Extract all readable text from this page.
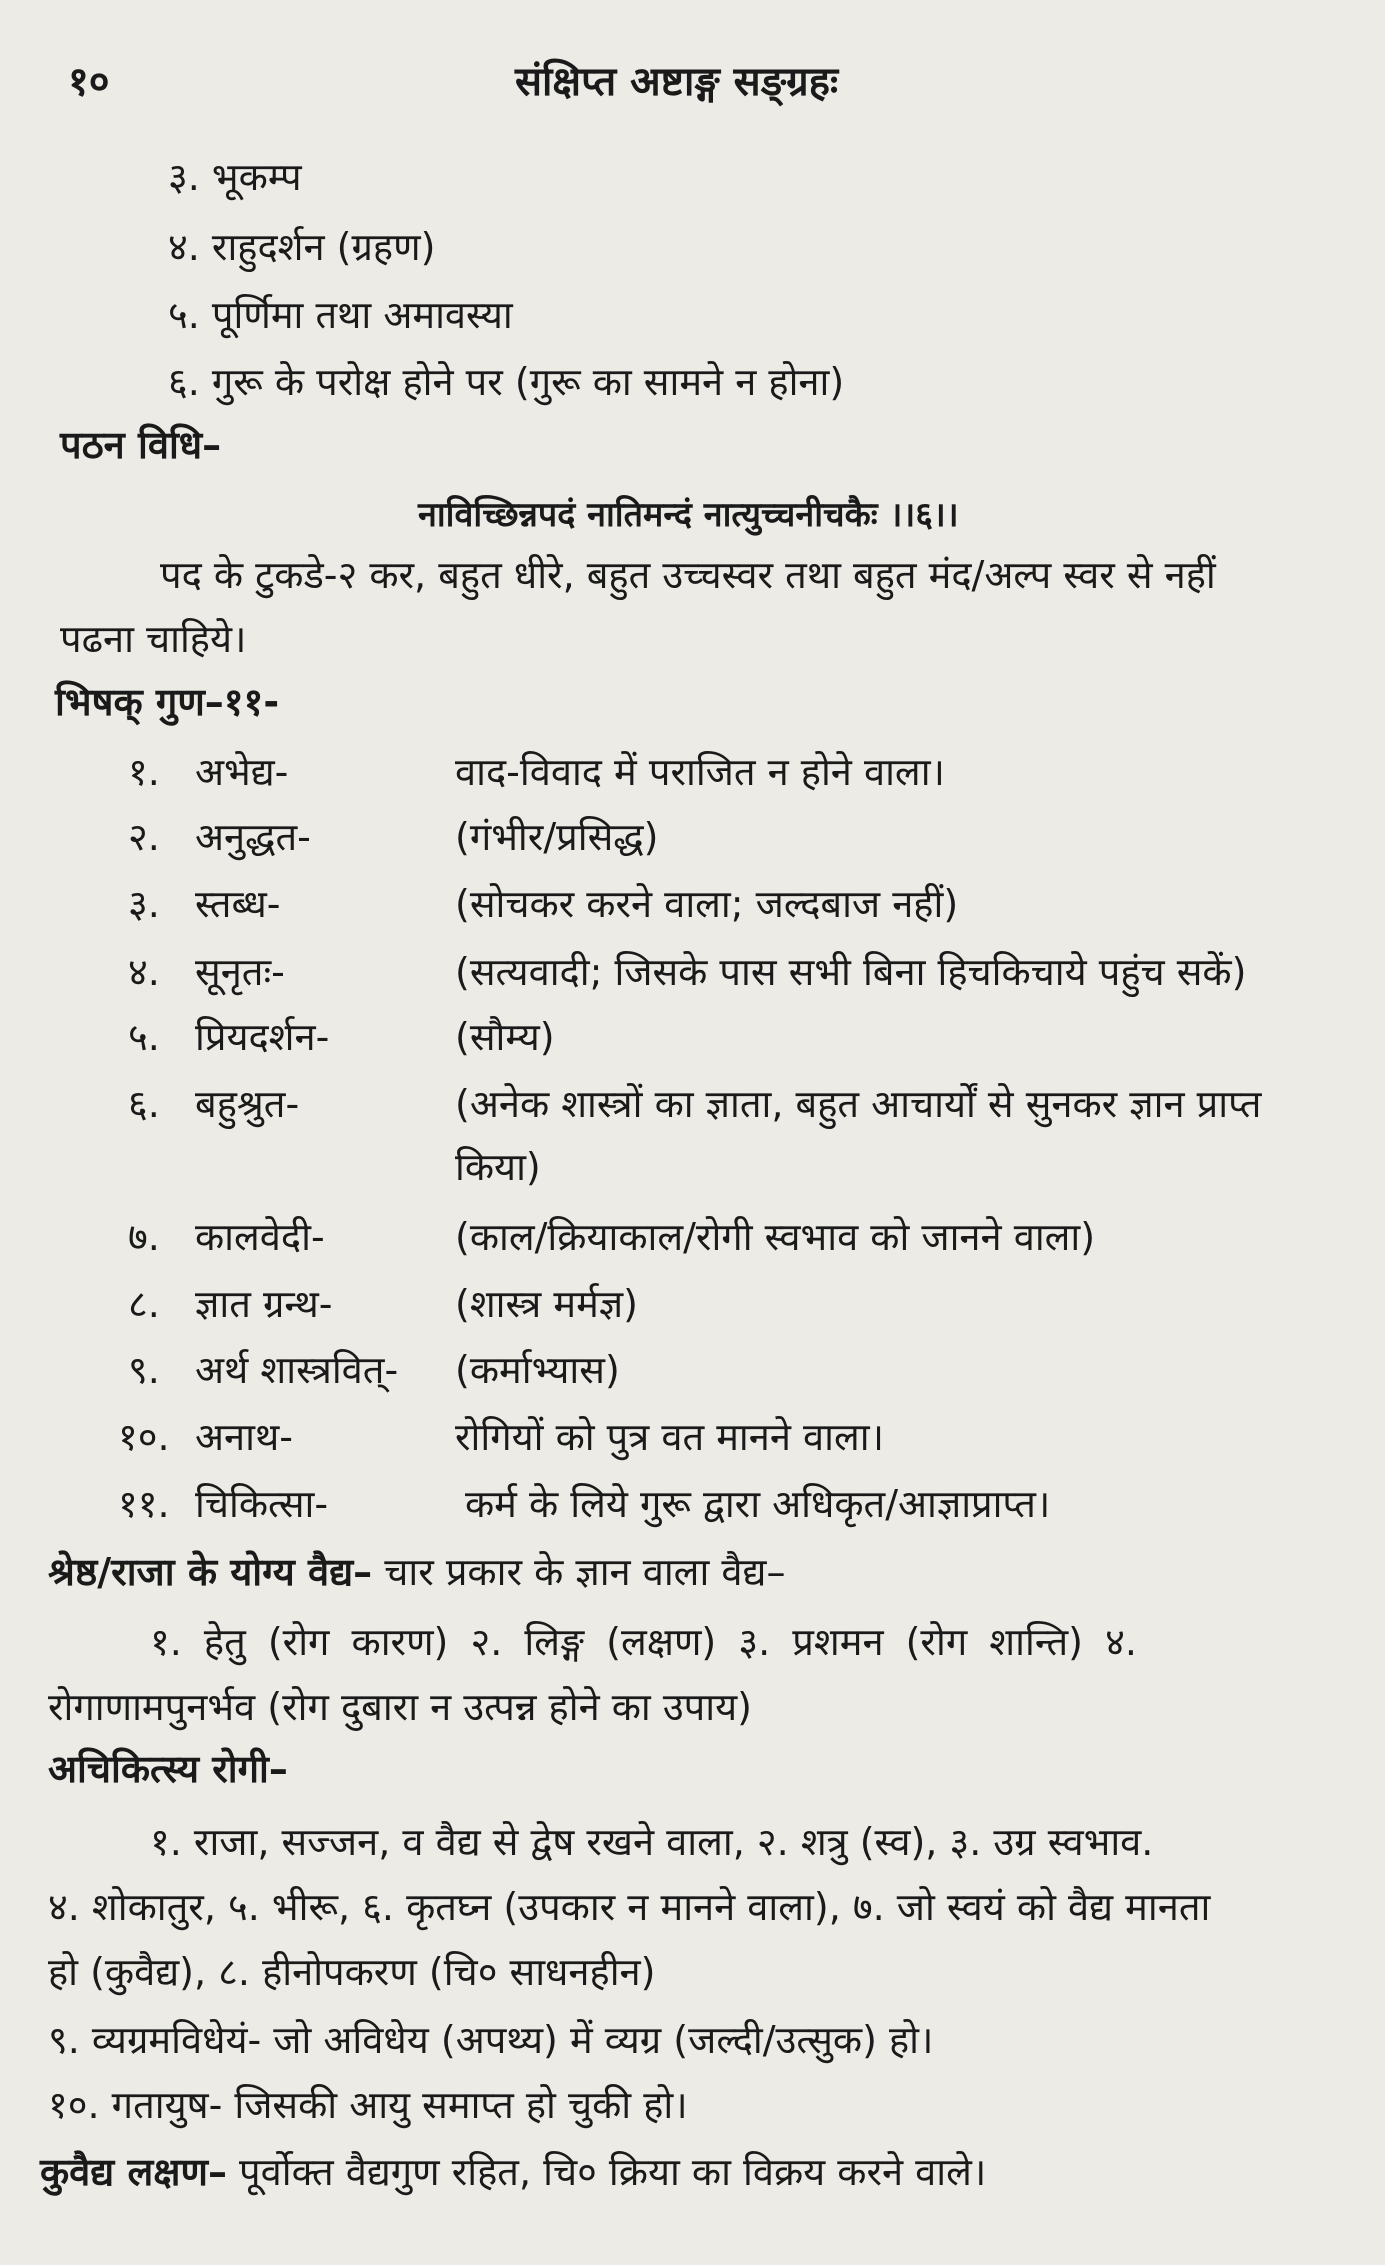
१०	संक्षिप्त अष्टाङ्ग सङ्ग्रहः
३. भूकम्प
४. राहुदर्शन (ग्रहण)
५. पूर्णिमा तथा अमावस्या
६. गुरू के परोक्ष होने पर (गुरू का सामने न होना)
पठन विधि–
नाविच्छिन्नपदं नातिमन्दं नात्युच्चनीचकैः ।।६।।
पद के टुकडे-२ कर, बहुत धीरे, बहुत उच्चस्वर तथा बहुत मंद/अल्प स्वर से नहीं
पढना चाहिये।
भिषक् गुण–११-
१. अभेद्य-	वाद-विवाद में पराजित न होने वाला।
२. अनुद्धत-	(गंभीर/प्रसिद्ध)
३. स्तब्ध-	(सोचकर करने वाला; जल्दबाज नहीं)
४. सूनृतः-	(सत्यवादी; जिसके पास सभी बिना हिचकिचाये पहुंच सकें)
५. प्रियदर्शन-	(सौम्य)
६. बहुश्रुत-	(अनेक शास्त्रों का ज्ञाता, बहुत आचार्यों से सुनकर ज्ञान प्राप्त
किया)
७. कालवेदी-	(काल/क्रियाकाल/रोगी स्वभाव को जानने वाला)
८. ज्ञात ग्रन्थ-	(शास्त्र मर्मज्ञ)
९. अर्थ शास्त्रवित्- (कर्माभ्यास)
१०. अनाथ-	रोगियों को पुत्र वत मानने वाला।
११. चिकित्सा-	कर्म के लिये गुरू द्वारा अधिकृत/आज्ञाप्राप्त।
श्रेष्ठ/राजा के योग्य वैद्य– चार प्रकार के ज्ञान वाला वैद्य–
१. हेतु (रोग कारण) २. लिङ्ग (लक्षण) ३. प्रशमन (रोग शान्ति) ४.
रोगाणामपुनर्भव (रोग दुबारा न उत्पन्न होने का उपाय)
अचिकित्स्य रोगी–
१. राजा, सज्जन, व वैद्य से द्वेष रखने वाला, २. शत्रु (स्व), ३. उग्र स्वभाव.
४. शोकातुर, ५. भीरू, ६. कृतघ्न (उपकार न मानने वाला), ७. जो स्वयं को वैद्य मानता
हो (कुवैद्य), ८. हीनोपकरण (चि० साधनहीन)
९. व्यग्रमविधेयं- जो अविधेय (अपथ्य) में व्यग्र (जल्दी/उत्सुक) हो।
१०. गतायुष- जिसकी आयु समाप्त हो चुकी हो।
कुवैद्य लक्षण– पूर्वोक्त वैद्यगुण रहित, चि० क्रिया का विक्रय करने वाले।
